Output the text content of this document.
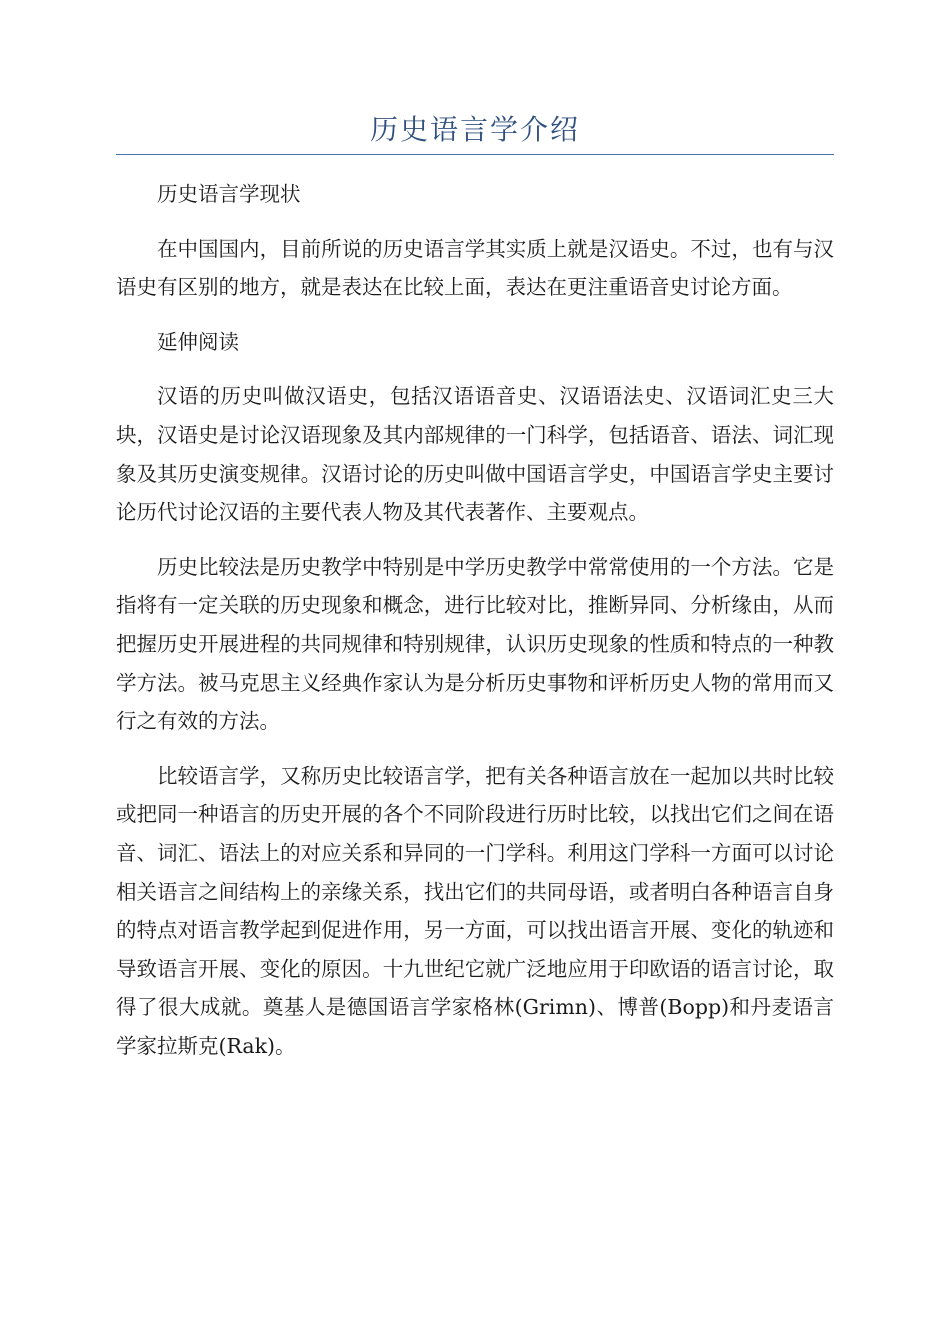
历史语言学介绍

历史语言学现状

在中国国内，目前所说的历史语言学其实质上就是汉语史。不过，也有与汉语史有区别的地方，就是表达在比较上面，表达在更注重语音史讨论方面。

延伸阅读

汉语的历史叫做汉语史，包括汉语语音史、汉语语法史、汉语词汇史三大块，汉语史是讨论汉语现象及其内部规律的一门科学，包括语音、语法、词汇现象及其历史演变规律。汉语讨论的历史叫做中国语言学史，中国语言学史主要讨论历代讨论汉语的主要代表人物及其代表著作、主要观点。

历史比较法是历史教学中特别是中学历史教学中常常使用的一个方法。它是指将有一定关联的历史现象和概念，进行比较对比，推断异同、分析缘由，从而把握历史开展进程的共同规律和特别规律，认识历史现象的性质和特点的一种教学方法。被马克思主义经典作家认为是分析历史事物和评析历史人物的常用而又行之有效的方法。

比较语言学，又称历史比较语言学，把有关各种语言放在一起加以共时比较或把同一种语言的历史开展的各个不同阶段进行历时比较，以找出它们之间在语音、词汇、语法上的对应关系和异同的一门学科。利用这门学科一方面可以讨论相关语言之间结构上的亲缘关系，找出它们的共同母语，或者明白各种语言自身的特点对语言教学起到促进作用，另一方面，可以找出语言开展、变化的轨迹和导致语言开展、变化的原因。十九世纪它就广泛地应用于印欧语的语言讨论，取得了很大成就。奠基人是德国语言学家格林(Grimn)、博普(Bopp)和丹麦语言学家拉斯克(Rak)。
